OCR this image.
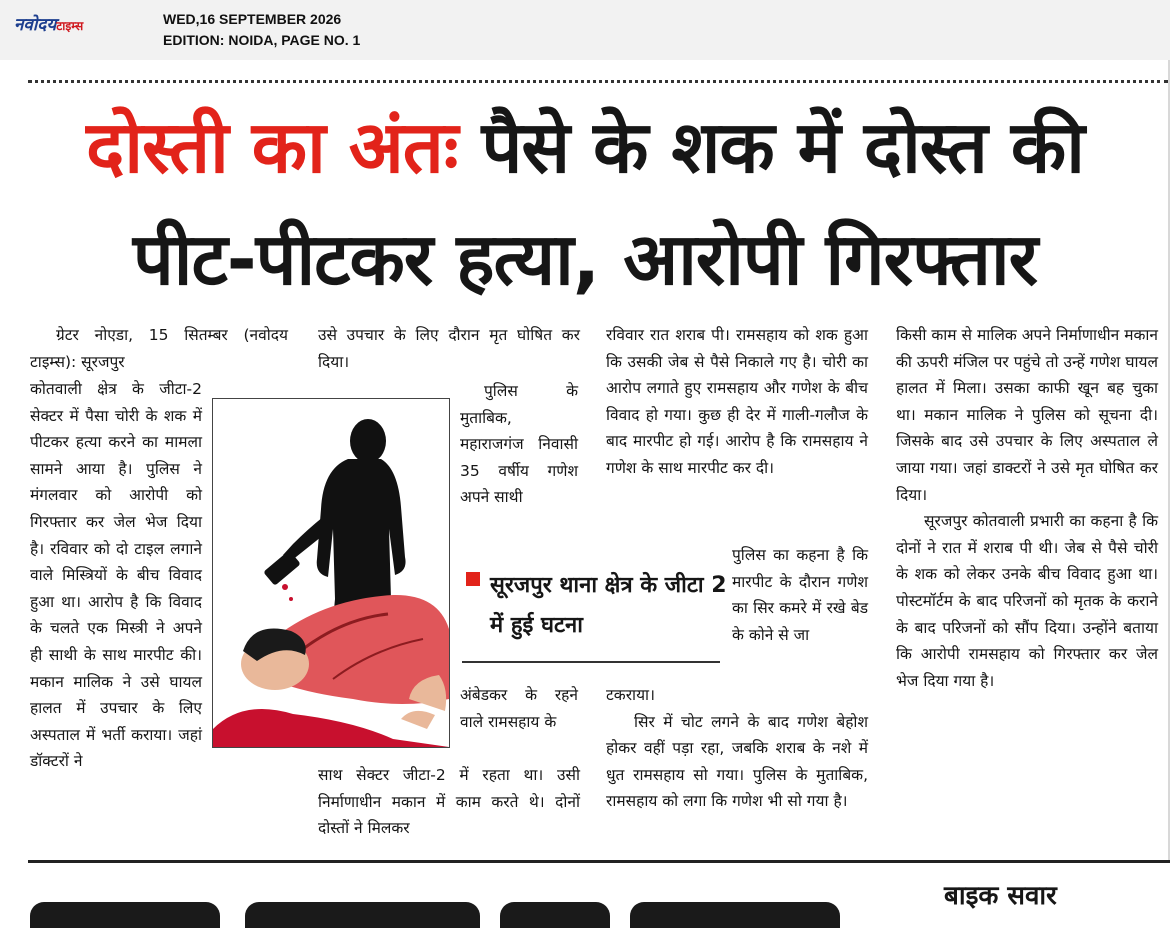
नवोदयटाइम्स	WED,16 SEPTEMBER 2026
EDITION: NOIDA, PAGE NO. 1
दोस्ती का अंतः पैसे के शक में दोस्त की
पीट-पीटकर हत्या, आरोपी गिरफ्तार

ग्रेटर नोएडा, 15 सितम्बर (नवोदय टाइम्स): सूरजपुर

कोतवाली क्षेत्र के जीटा-2 सेक्टर में पैसा चोरी के शक में पीटकर हत्या करने का मामला सामने आया है। पुलिस ने मंगलवार को आरोपी को गिरफ्तार कर जेल भेज दिया है। रविवार को दो टाइल लगाने वाले मिस्त्रियों के बीच विवाद हुआ था। आरोप है कि विवाद के चलते एक मिस्त्री ने अपने ही साथी के साथ मारपीट की। मकान मालिक ने उसे घायल हालत में उपचार के लिए अस्पताल में भर्ती कराया। जहां डॉक्टरों ने

उसे उपचार के लिए दौरान मृत घोषित कर दिया।

पुलिस के मुताबिक, महाराजगंज निवासी 35 वर्षीय गणेश अपने साथी

अंबेडकर के रहने वाले रामसहाय के

साथ सेक्टर जीटा-2 में रहता था। उसी निर्माणाधीन मकान में काम करते थे। दोनों दोस्तों ने मिलकर

सूरजपुर थाना क्षेत्र के जीटा 2 में हुई घटना

रविवार रात शराब पी। रामसहाय को शक हुआ कि उसकी जेब से पैसे निकाले गए है। चोरी का आरोप लगाते हुए रामसहाय और गणेश के बीच विवाद हो गया। कुछ ही देर में गाली-गलौज के बाद मारपीट हो गई। आरोप है कि रामसहाय ने गणेश के साथ मारपीट कर दी।

पुलिस का कहना है कि मारपीट के दौरान गणेश का सिर कमरे में रखे बेड के कोने से जा

टकराया।

सिर में चोट लगने के बाद गणेश बेहोश होकर वहीं पड़ा रहा, जबकि शराब के नशे में धुत रामसहाय सो गया। पुलिस के मुताबिक, रामसहाय को लगा कि गणेश भी सो गया है।

किसी काम से मालिक अपने निर्माणाधीन मकान की ऊपरी मंजिल पर पहुंचे तो उन्हें गणेश घायल हालत में मिला। उसका काफी खून बह चुका था। मकान मालिक ने पुलिस को सूचना दी। जिसके बाद उसे उपचार के लिए अस्पताल ले जाया गया। जहां डाक्टरों ने उसे मृत घोषित कर दिया।

सूरजपुर कोतवाली प्रभारी का कहना है कि दोनों ने रात में शराब पी थी। जेब से पैसे चोरी के शक को लेकर उनके बीच विवाद हुआ था। पोस्टमॉर्टम के बाद परिजनों को मृतक के कराने के बाद परिजनों को सौंप दिया। उन्होंने बताया कि आरोपी रामसहाय को गिरफ्तार कर जेल भेज दिया गया है।

बाइक सवार
